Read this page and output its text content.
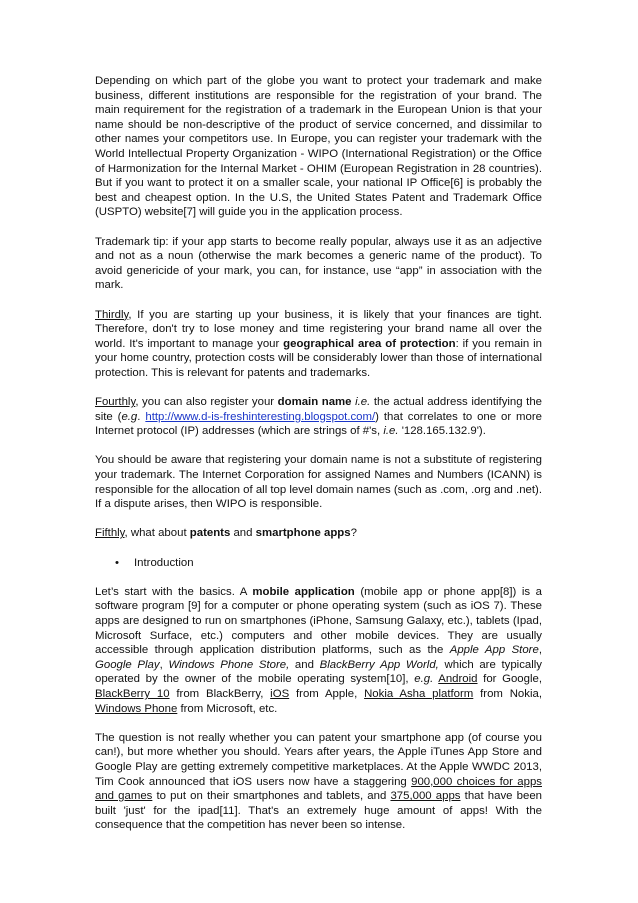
Depending on which part of the globe you want to protect your trademark and make business, different institutions are responsible for the registration of your brand. The main requirement for the registration of a trademark in the European Union is that your name should be non-descriptive of the product of service concerned, and dissimilar to other names your competitors use. In Europe, you can register your trademark with the World Intellectual Property Organization - WIPO (International Registration) or the Office of Harmonization for the Internal Market - OHIM (European Registration in 28 countries). But if you want to protect it on a smaller scale, your national IP Office[6] is probably the best and cheapest option. In the U.S, the United States Patent and Trademark Office (USPTO) website[7] will guide you in the application process.

Trademark tip: if your app starts to become really popular, always use it as an adjective and not as a noun (otherwise the mark becomes a generic name of the product). To avoid genericide of your mark, you can, for instance, use “app” in association with the mark.

Thirdly, If you are starting up your business, it is likely that your finances are tight. Therefore, don't try to lose money and time registering your brand name all over the world. It's important to manage your geographical area of protection: if you remain in your home country, protection costs will be considerably lower than those of international protection. This is relevant for patents and trademarks.

Fourthly, you can also register your domain name i.e. the actual address identifying the site (e.g. http://www.d-is-freshinteresting.blogspot.com/) that correlates to one or more Internet protocol (IP) addresses (which are strings of #'s, i.e. '128.165.132.9').

You should be aware that registering your domain name is not a substitute of registering your trademark. The Internet Corporation for assigned Names and Numbers (ICANN) is responsible for the allocation of all top level domain names (such as .com, .org and .net). If a dispute arises, then WIPO is responsible.

Fifthly, what about patents and smartphone apps?

• Introduction

Let’s start with the basics. A mobile application (mobile app or phone app[8]) is a software program [9] for a computer or phone operating system (such as iOS 7). These apps are designed to run on smartphones (iPhone, Samsung Galaxy, etc.), tablets (Ipad, Microsoft Surface, etc.) computers and other mobile devices. They are usually accessible through application distribution platforms, such as the Apple App Store, Google Play, Windows Phone Store, and BlackBerry App World, which are typically operated by the owner of the mobile operating system[10], e.g. Android for Google, BlackBerry 10 from BlackBerry, iOS from Apple, Nokia Asha platform from Nokia, Windows Phone from Microsoft, etc.

The question is not really whether you can patent your smartphone app (of course you can!), but more whether you should. Years after years, the Apple iTunes App Store and Google Play are getting extremely competitive marketplaces. At the Apple WWDC 2013, Tim Cook announced that iOS users now have a staggering 900,000 choices for apps and games to put on their smartphones and tablets, and 375,000 apps that have been built 'just' for the ipad[11]. That's an extremely huge amount of apps! With the consequence that the competition has never been so intense.
